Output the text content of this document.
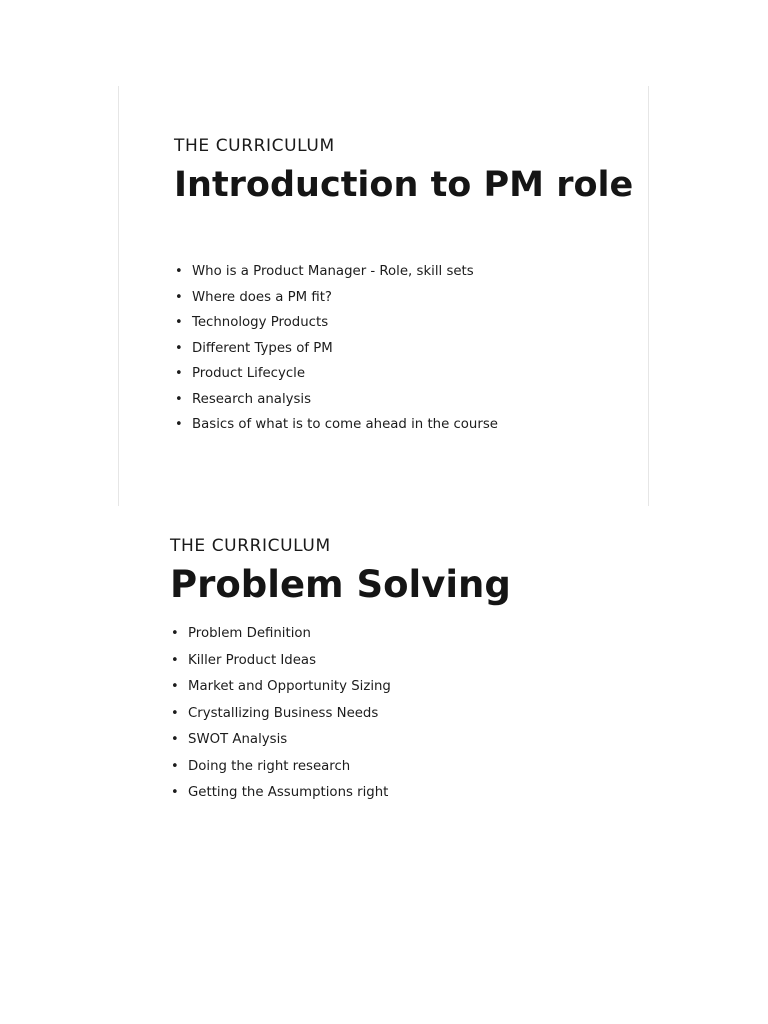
THE CURRICULUM

Introduction to PM role
• Who is a Product Manager - Role, skill sets
• Where does a PM fit?
• Technology Products
• Different Types of PM
• Product Lifecycle
• Research analysis
• Basics of what is to come ahead in the course

THE CURRICULUM

Problem Solving
• Problem Definition
• Killer Product Ideas
• Market and Opportunity Sizing
• Crystallizing Business Needs
• SWOT Analysis
• Doing the right research
• Getting the Assumptions right
